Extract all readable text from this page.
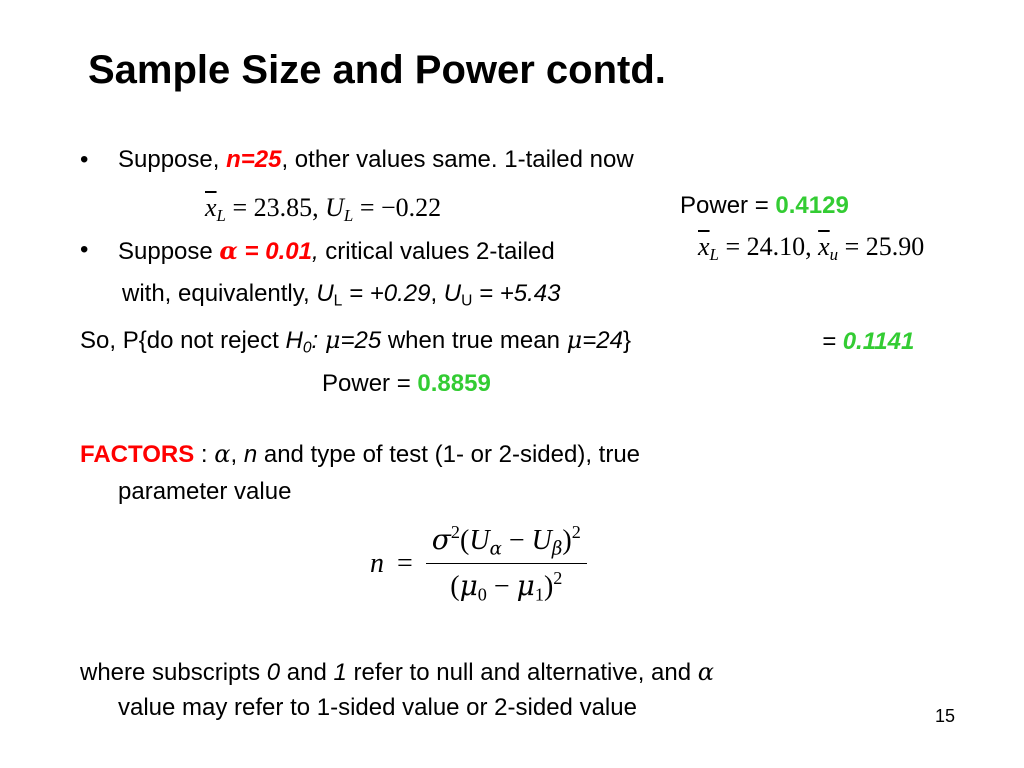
Sample Size and Power contd.
• Suppose, n=25, other values same. 1-tailed now
$\overline{x}_L = 23.85$, $U_L = -0.22$	Power = 0.4129
• Suppose α = 0.01, critical values 2-tailed	$\overline{x}_L = 24.10$, $\overline{x}_u = 25.90$
with, equivalently, $U_L = +0.29$, $U_U = +5.43$
So, P{do not reject $H_0$: μ=25 when true mean μ=24}	= 0.1141
Power = 0.8859
FACTORS : α, n and type of test (1- or 2-sided), true
parameter value
$n = \frac{\sigma^2(U_\alpha - U_\beta)^2}{(\mu_0 - \mu_1)^2}$
where subscripts 0 and 1 refer to null and alternative, and α
value may refer to 1-sided value or 2-sided value	15
